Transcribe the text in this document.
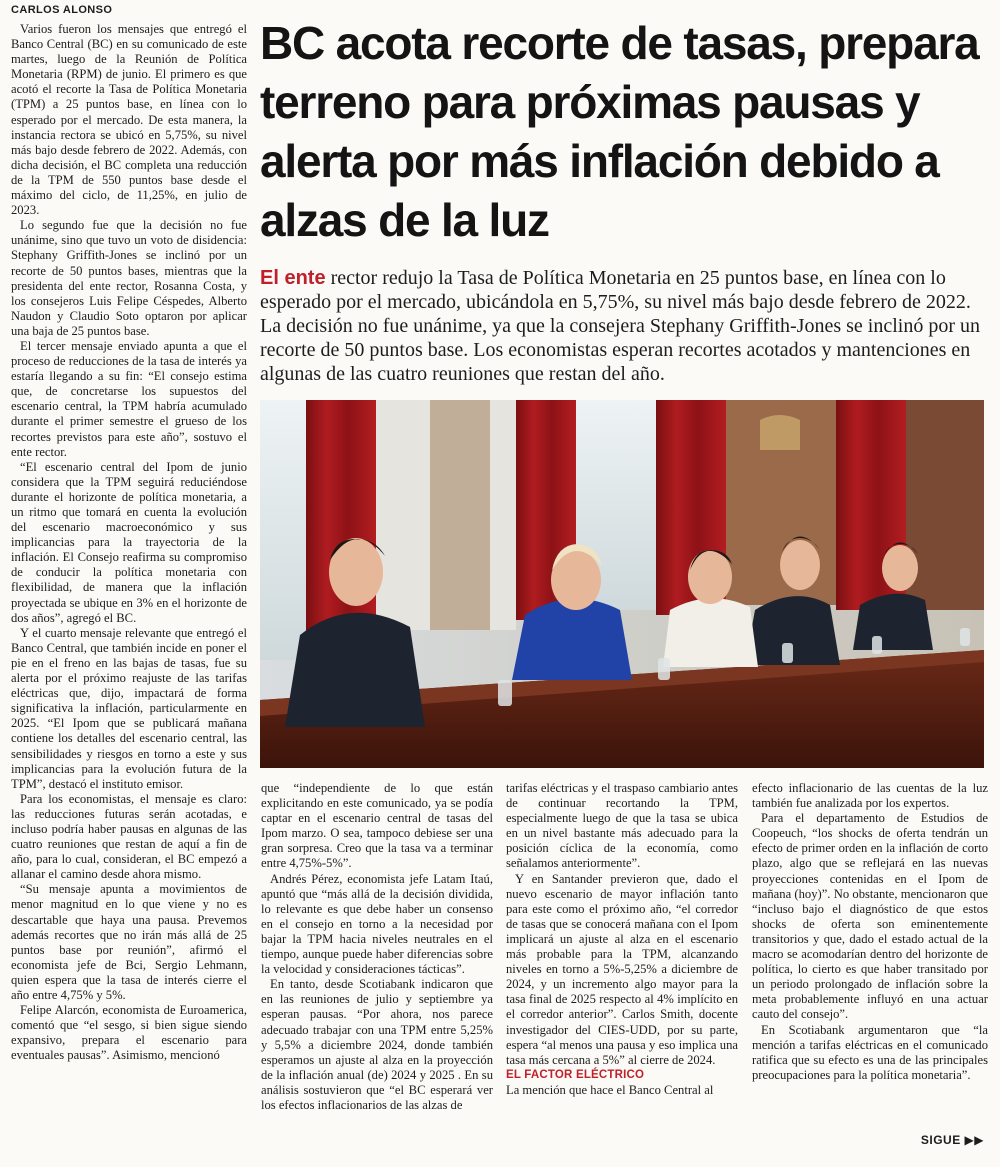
CARLOS ALONSO

Varios fueron los mensajes que entregó el Banco Central (BC) en su comunicado de este martes, luego de la Reunión de Política Monetaria (RPM) de junio. El primero es que acotó el recorte la Tasa de Política Monetaria (TPM) a 25 puntos base, en línea con lo esperado por el mercado. De esta manera, la instancia rectora se ubicó en 5,75%, su nivel más bajo desde febrero de 2022. Además, con dicha decisión, el BC completa una reducción de la TPM de 550 puntos base desde el máximo del ciclo, de 11,25%, en julio de 2023.

Lo segundo fue que la decisión no fue unánime, sino que tuvo un voto de disidencia: Stephany Griffith-Jones se inclinó por un recorte de 50 puntos bases, mientras que la presidenta del ente rector, Rosanna Costa, y los consejeros Luis Felipe Céspedes, Alberto Naudon y Claudio Soto optaron por aplicar una baja de 25 puntos base.

El tercer mensaje enviado apunta a que el proceso de reducciones de la tasa de interés ya estaría llegando a su fin: “El consejo estima que, de concretarse los supuestos del escenario central, la TPM habría acumulado durante el primer semestre el grueso de los recortes previstos para este año”, sostuvo el ente rector.

“El escenario central del Ipom de junio considera que la TPM seguirá reduciéndose durante el horizonte de política monetaria, a un ritmo que tomará en cuenta la evolución del escenario macroeconómico y sus implicancias para la trayectoria de la inflación. El Consejo reafirma su compromiso de conducir la política monetaria con flexibilidad, de manera que la inflación proyectada se ubique en 3% en el horizonte de dos años”, agregó el BC.

Y el cuarto mensaje relevante que entregó el Banco Central, que también incide en poner el pie en el freno en las bajas de tasas, fue su alerta por el próximo reajuste de las tarifas eléctricas que, dijo, impactará de forma significativa la inflación, particularmente en 2025. “El Ipom que se publicará mañana contiene los detalles del escenario central, las sensibilidades y riesgos en torno a este y sus implicancias para la evolución futura de la TPM”, destacó el instituto emisor.

Para los economistas, el mensaje es claro: las reducciones futuras serán acotadas, e incluso podría haber pausas en algunas de las cuatro reuniones que restan de aquí a fin de año, para lo cual, consideran, el BC empezó a allanar el camino desde ahora mismo.

“Su mensaje apunta a movimientos de menor magnitud en lo que viene y no es descartable que haya una pausa. Prevemos además recortes que no irán más allá de 25 puntos base por reunión”, afirmó el economista jefe de Bci, Sergio Lehmann, quien espera que la tasa de interés cierre el año entre 4,75% y 5%.

Felipe Alarcón, economista de Euroamerica, comentó que “el sesgo, si bien sigue siendo expansivo, prepara el escenario para eventuales pausas”. Asimismo, mencionó

BC acota recorte de tasas, prepara terreno para próximas pausas y alerta por más inflación debido a alzas de la luz

El ente rector redujo la Tasa de Política Monetaria en 25 puntos base, en línea con lo esperado por el mercado, ubicándola en 5,75%, su nivel más bajo desde febrero de 2022. La decisión no fue unánime, ya que la consejera Stephany Griffith-Jones se inclinó por un recorte de 50 puntos base. Los economistas esperan recortes acotados y mantenciones en algunas de las cuatro reuniones que restan del año.

que “independiente de lo que están explicitando en este comunicado, ya se podía captar en el escenario central de tasas del Ipom marzo. O sea, tampoco debiese ser una gran sorpresa. Creo que la tasa va a terminar entre 4,75%-5%”.

Andrés Pérez, economista jefe Latam Itaú, apuntó que “más allá de la decisión dividida, lo relevante es que debe haber un consenso en el consejo en torno a la necesidad por bajar la TPM hacia niveles neutrales en el tiempo, aunque puede haber diferencias sobre la velocidad y consideraciones tácticas”.

En tanto, desde Scotiabank indicaron que en las reuniones de julio y septiembre ya esperan pausas. “Por ahora, nos parece adecuado trabajar con una TPM entre 5,25% y 5,5% a diciembre 2024, donde también esperamos un ajuste al alza en la proyección de la inflación anual (de) 2024 y 2025 . En su análisis sostuvieron que “el BC esperará ver los efectos inflacionarios de las alzas de

tarifas eléctricas y el traspaso cambiario antes de continuar recortando la TPM, especialmente luego de que la tasa se ubica en un nivel bastante más adecuado para la posición cíclica de la economía, como señalamos anteriormente”.

Y en Santander previeron que, dado el nuevo escenario de mayor inflación tanto para este como el próximo año, “el corredor de tasas que se conocerá mañana con el Ipom implicará un ajuste al alza en el escenario más probable para la TPM, alcanzando niveles en torno a 5%-5,25% a diciembre de 2024, y un incremento algo mayor para la tasa final de 2025 respecto al 4% implícito en el corredor anterior”. Carlos Smith, docente investigador del CIES-UDD, por su parte, espera “al menos una pausa y eso implica una tasa más cercana a 5%” al cierre de 2024.

EL FACTOR ELÉCTRICO

La mención que hace el Banco Central al

efecto inflacionario de las cuentas de la luz también fue analizada por los expertos.

Para el departamento de Estudios de Coopeuch, “los shocks de oferta tendrán un efecto de primer orden en la inflación de corto plazo, algo que se reflejará en las nuevas proyecciones contenidas en el Ipom de mañana (hoy)”. No obstante, mencionaron que “incluso bajo el diagnóstico de que estos shocks de oferta son eminentemente transitorios y que, dado el estado actual de la macro se acomodarían dentro del horizonte de política, lo cierto es que haber transitado por un periodo prolongado de inflación sobre la meta probablemente influyó en una actuar cauto del consejo”.

En Scotiabank argumentaron que “la mención a tarifas eléctricas en el comunicado ratifica que su efecto es una de las principales preocupaciones para la política monetaria”.

SIGUE ▶▶
